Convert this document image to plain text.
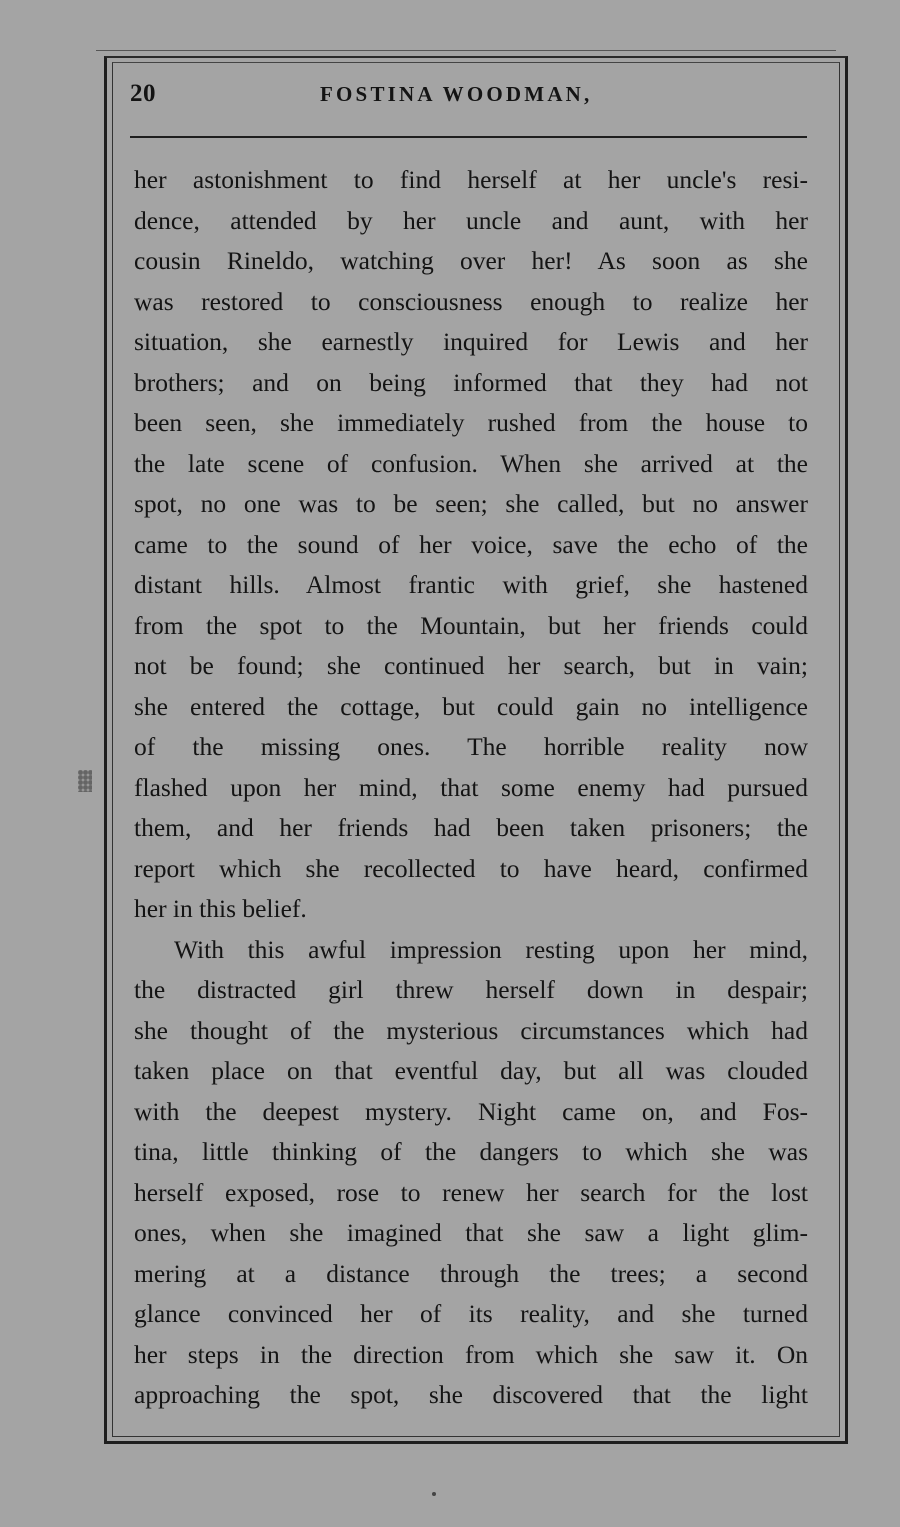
20	FOSTINA WOODMAN,
her astonishment to find herself at her uncle's resi-
dence, attended by her uncle and aunt, with her
cousin Rineldo, watching over her! As soon as she
was restored to consciousness enough to realize her
situation, she earnestly inquired for Lewis and her
brothers; and on being informed that they had not
been seen, she immediately rushed from the house to
the late scene of confusion. When she arrived at the
spot, no one was to be seen; she called, but no answer
came to the sound of her voice, save the echo of the
distant hills. Almost frantic with grief, she hastened
from the spot to the Mountain, but her friends could
not be found; she continued her search, but in vain;
she entered the cottage, but could gain no intelligence
of the missing ones. The horrible reality now
flashed upon her mind, that some enemy had pursued
them, and her friends had been taken prisoners; the
report which she recollected to have heard, confirmed
her in this belief.
With this awful impression resting upon her mind,
the distracted girl threw herself down in despair;
she thought of the mysterious circumstances which had
taken place on that eventful day, but all was clouded
with the deepest mystery. Night came on, and Fos-
tina, little thinking of the dangers to which she was
herself exposed, rose to renew her search for the lost
ones, when she imagined that she saw a light glim-
mering at a distance through the trees; a second
glance convinced her of its reality, and she turned
her steps in the direction from which she saw it. On
approaching the spot, she discovered that the light
